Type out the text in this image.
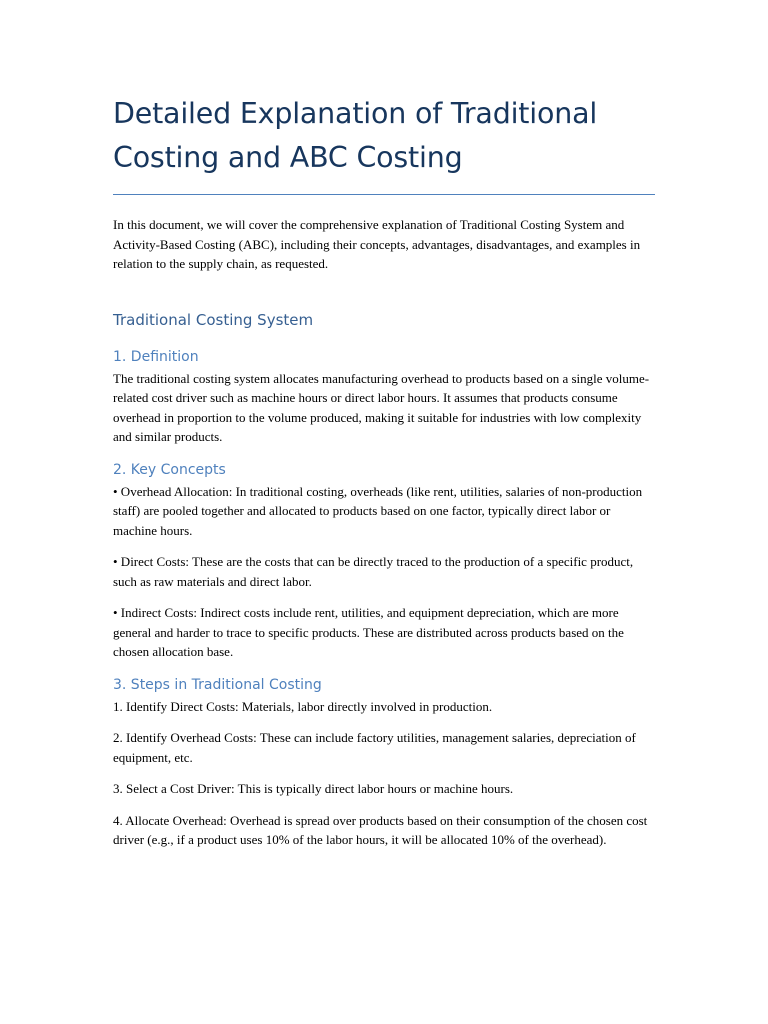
Detailed Explanation of Traditional Costing and ABC Costing

In this document, we will cover the comprehensive explanation of Traditional Costing System and Activity-Based Costing (ABC), including their concepts, advantages, disadvantages, and examples in relation to the supply chain, as requested.

Traditional Costing System
1. Definition

The traditional costing system allocates manufacturing overhead to products based on a single volume-related cost driver such as machine hours or direct labor hours. It assumes that products consume overhead in proportion to the volume produced, making it suitable for industries with low complexity and similar products.

2. Key Concepts

• Overhead Allocation: In traditional costing, overheads (like rent, utilities, salaries of non-production staff) are pooled together and allocated to products based on one factor, typically direct labor or machine hours.

• Direct Costs: These are the costs that can be directly traced to the production of a specific product, such as raw materials and direct labor.

• Indirect Costs: Indirect costs include rent, utilities, and equipment depreciation, which are more general and harder to trace to specific products. These are distributed across products based on the chosen allocation base.

3. Steps in Traditional Costing

1. Identify Direct Costs: Materials, labor directly involved in production.

2. Identify Overhead Costs: These can include factory utilities, management salaries, depreciation of equipment, etc.

3. Select a Cost Driver: This is typically direct labor hours or machine hours.

4. Allocate Overhead: Overhead is spread over products based on their consumption of the chosen cost driver (e.g., if a product uses 10% of the labor hours, it will be allocated 10% of the overhead).
